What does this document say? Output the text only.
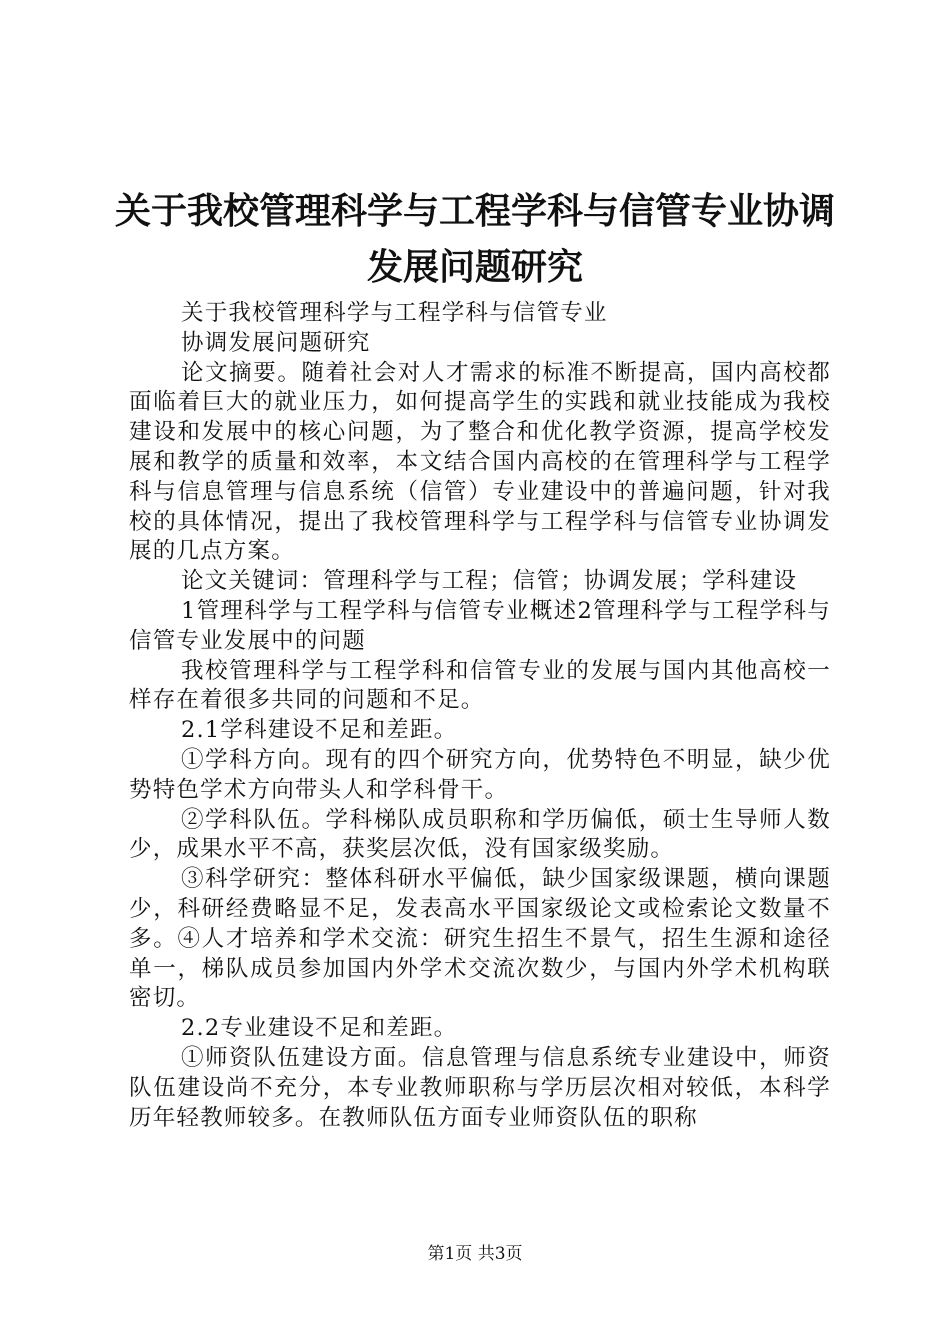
关于我校管理科学与工程学科与信管专业协调
发展问题研究

关于我校管理科学与工程学科与信管专业

协调发展问题研究

论文摘要。随着社会对人才需求的标准不断提高，国内高校都面临着巨大的就业压力，如何提高学生的实践和就业技能成为我校建设和发展中的核心问题，为了整合和优化教学资源，提高学校发展和教学的质量和效率，本文结合国内高校的在管理科学与工程学科与信息管理与信息系统（信管）专业建设中的普遍问题，针对我校的具体情况，提出了我校管理科学与工程学科与信管专业协调发展的几点方案。

论文关键词：管理科学与工程；信管；协调发展；学科建设

1管理科学与工程学科与信管专业概述2管理科学与工程学科与信管专业发展中的问题

我校管理科学与工程学科和信管专业的发展与国内其他高校一样存在着很多共同的问题和不足。

2.1学科建设不足和差距。

①学科方向。现有的四个研究方向，优势特色不明显，缺少优势特色学术方向带头人和学科骨干。

②学科队伍。学科梯队成员职称和学历偏低，硕士生导师人数少，成果水平不高，获奖层次低，没有国家级奖励。

③科学研究：整体科研水平偏低，缺少国家级课题，横向课题少，科研经费略显不足，发表高水平国家级论文或检索论文数量不多。④人才培养和学术交流：研究生招生不景气，招生生源和途径单一，梯队成员参加国内外学术交流次数少，与国内外学术机构联密切。

2.2专业建设不足和差距。

①师资队伍建设方面。信息管理与信息系统专业建设中，师资队伍建设尚不充分，本专业教师职称与学历层次相对较低，本科学历年轻教师较多。在教师队伍方面专业师资队伍的职称

第1页 共3页
